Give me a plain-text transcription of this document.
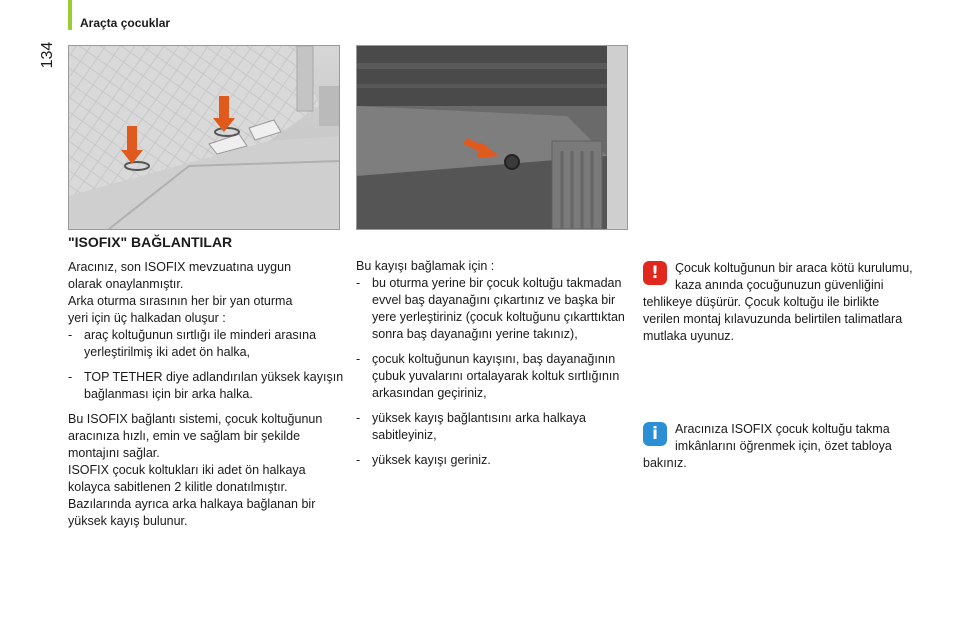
Araçta çocuklar
134
"ISOFIX" BAĞLANTILAR

Aracınız, son ISOFIX mevzuatına uygun
olarak onaylanmıştır.

Arka oturma sırasının her bir yan oturma
yeri için üç halkadan oluşur :

- araç koltuğunun sırtlığı ile minderi arasına yerleştirilmiş iki adet ön halka,
- TOP TETHER diye adlandırılan yüksek kayışın bağlanması için bir arka halka.

Bu ISOFIX bağlantı sistemi, çocuk koltuğunun aracınıza hızlı, emin ve sağlam bir şekilde montajını sağlar.

ISOFIX çocuk koltukları iki adet ön halkaya kolayca sabitlenen 2 kilitle donatılmıştır.

Bazılarında ayrıca arka halkaya bağlanan bir yüksek kayış bulunur.

Bu kayışı bağlamak için :

- bu oturma yerine bir çocuk koltuğu takmadan evvel baş dayanağını çıkartınız ve başka bir yere yerleştiriniz (çocuk koltuğunu çıkarttıktan sonra baş dayanağını yerine takınız),
- çocuk koltuğunun kayışını, baş dayanağının çubuk yuvalarını ortalayarak koltuk sırtlığının arkasından geçiriniz,
- yüksek kayış bağlantısını arka halkaya sabitleyiniz,
- yüksek kayışı geriniz.
!	Çocuk koltuğunun bir araca kötü kurulumu, kaza anında çocuğunuzun güvenliğini tehlikeye düşürür. Çocuk koltuğu ile birlikte verilen montaj kılavuzunda belirtilen talimatlara mutlaka uyunuz.

i	Aracınıza ISOFIX çocuk koltuğu takma imkânlarını öğrenmek için, özet tabloya bakınız.
